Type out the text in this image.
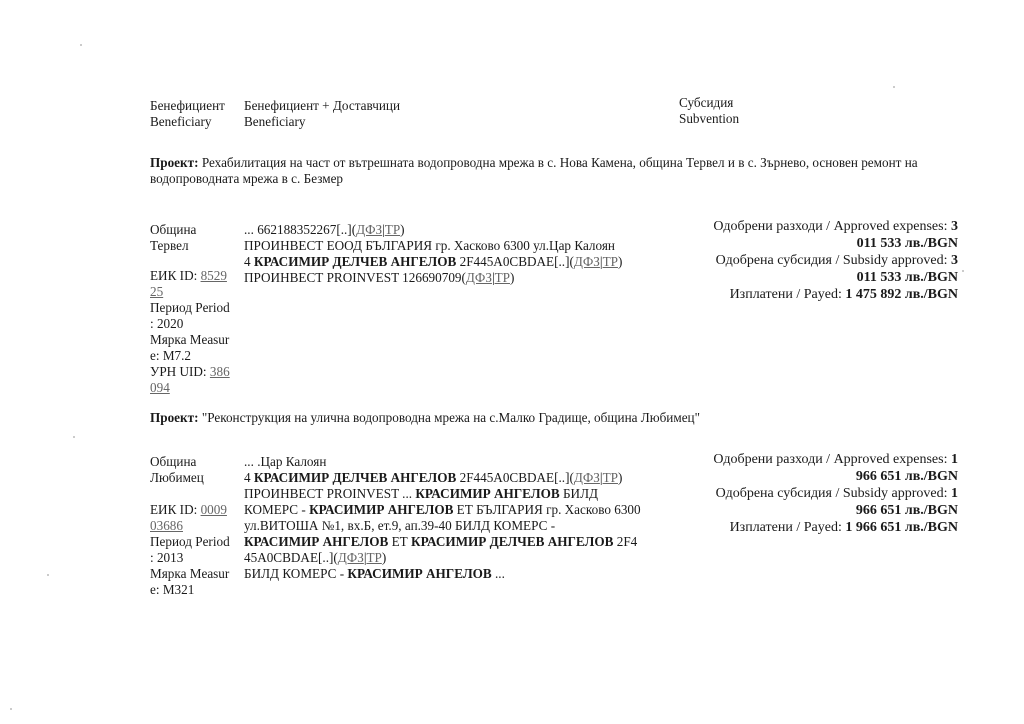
Бенефициент
Beneficiary
Бенефициент + Доставчици
Beneficiary
Субсидия
Subvention
Проект: Рехабилитация на част от вътрешната водопроводна мрежа в с. Нова Камена, община Тервел и в с. Зърнево, основен ремонт на водопроводната мрежа в с. Безмер
Община
Тервел
ЕИК ID: 8529
25
Период Period
: 2020
Мярка Measur
e: M7.2
УРН UID: 386
094
... 662188352267[..](ДФЗ|ТР)
ПРОИНВЕСТ ЕООД БЪЛГАРИЯ гр. Хасково 6300 ул.Цар Калоян
4 КРАСИМИР ДЕЛЧЕВ АНГЕЛОВ 2F445A0CBDAE[..](ДФЗ|ТР)
ПРОИНВЕСТ PROINVEST 126690709(ДФЗ|ТР)
Одобрени разходи / Approved expenses: 3
011 533 лв./BGN
Одобрена субсидия / Subsidy approved: 3
011 533 лв./BGN
Изплатени / Payed: 1 475 892 лв./BGN
Проект: "Реконструкция на улична водопроводна мрежа на с.Малко Градище, община Любимец"
Община
Любимец
ЕИК ID: 0009
03686
Период Period
: 2013
Мярка Measur
e: M321
... .Цар Калоян
4 КРАСИМИР ДЕЛЧЕВ АНГЕЛОВ 2F445A0CBDAE[..](ДФЗ|ТР)
ПРОИНВЕСТ PROINVEST ... КРАСИМИР АНГЕЛОВ БИЛД
КОМЕРС - КРАСИМИР АНГЕЛОВ ЕТ БЪЛГАРИЯ гр. Хасково 6300
ул.ВИТОША №1, вх.Б, ет.9, ап.39-40 БИЛД КОМЕРС -
КРАСИМИР АНГЕЛОВ ЕТ КРАСИМИР ДЕЛЧЕВ АНГЕЛОВ 2F4
45A0CBDAE[..](ДФЗ|ТР)
БИЛД КОМЕРС - КРАСИМИР АНГЕЛОВ ...
Одобрени разходи / Approved expenses: 1
966 651 лв./BGN
Одобрена субсидия / Subsidy approved: 1
966 651 лв./BGN
Изплатени / Payed: 1 966 651 лв./BGN
